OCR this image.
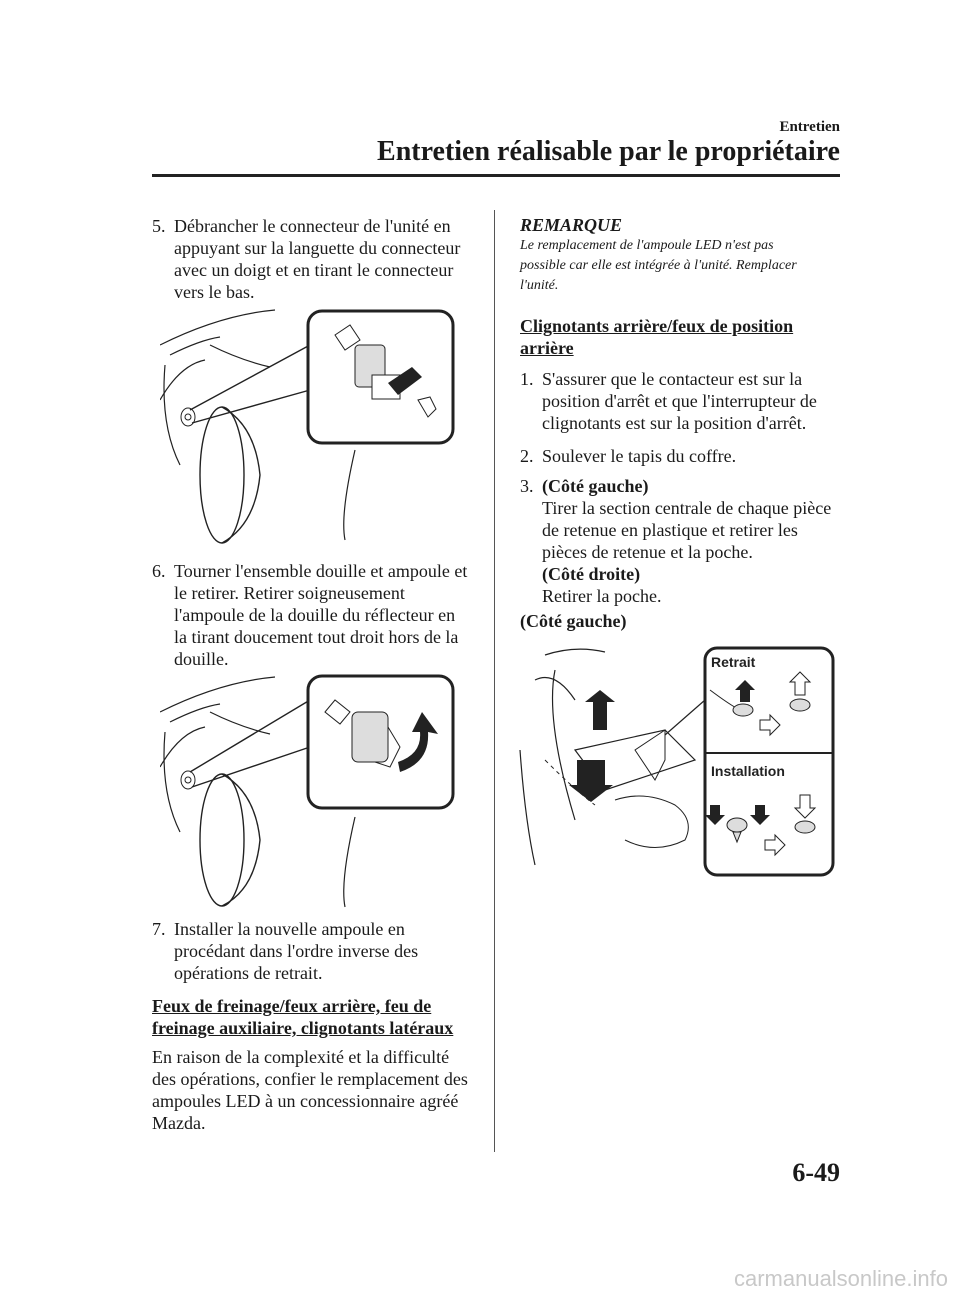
Entretien
Entretien réalisable par le propriétaire
5. Débrancher le connecteur de l'unité en appuyant sur la languette du connecteur avec un doigt et en tirant le connecteur vers le bas.
6. Tourner l'ensemble douille et ampoule et le retirer. Retirer soigneusement l'ampoule de la douille du réflecteur en la tirant doucement tout droit hors de la douille.
7. Installer la nouvelle ampoule en procédant dans l'ordre inverse des opérations de retrait.
Feux de freinage/feux arrière, feu de freinage auxiliaire, clignotants latéraux
En raison de la complexité et la difficulté des opérations, confier le remplacement des ampoules LED à un concessionnaire agréé Mazda.
REMARQUE
Le remplacement de l'ampoule LED n'est pas possible car elle est intégrée à l'unité. Remplacer l'unité.
Clignotants arrière/feux de position arrière
1. S'assurer que le contacteur est sur la position d'arrêt et que l'interrupteur de clignotants est sur la position d'arrêt.
2. Soulever le tapis du coffre.
3. (Côté gauche)
Tirer la section centrale de chaque pièce de retenue en plastique et retirer les pièces de retenue et la poche.
(Côté droite)
Retirer la poche.
(Côté gauche)
Retrait
Installation
6-49
carmanualsonline.info
